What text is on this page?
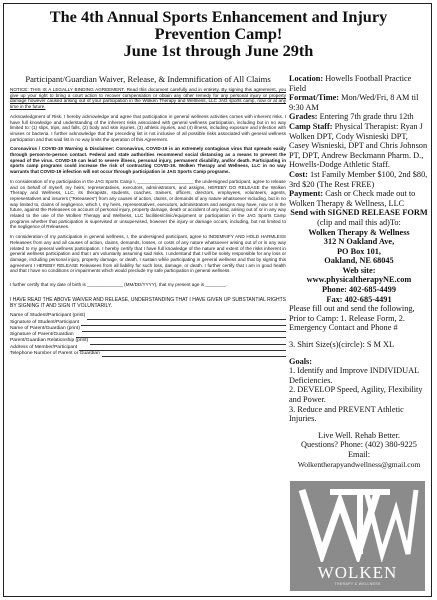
The 4th Annual Sports Enhancement and Injury
Prevention Camp!
June 1st through June 29th
Participant/Guardian Waiver, Release, & Indemnification of All Claims

NOTICE: THIS IS A LEGALLY BINDING AGREEMENT. Read this document carefully and in entirety. By signing this agreement, you give up your right to bring a court action to recover compensation or obtain any other remedy for any personal injury or property damage however caused arising out of your participation in the Wolken Therapy and Wellness, LLC JAG sports camp, now or at any time in the future.

Acknowledgment of Risk. I hereby acknowledge and agree that participation in general wellness activities comes with inherent risks. I have full knowledge and understanding of the inherent risks associated with general wellness participation, including but in no way limited to: (1) slips, trips, and falls, (2) body and skin injuries, (3) athletic injuries, and (4) illness, including exposure and infection with viruses or bacteria. I further acknowledge that the preceding list is not inclusive of all possible risks associated with general wellness participation and that said list in no way limits the operation of this Agreement.

Coronavirus / COVID-19 Warning & Disclaimer: Coronavirus, COVID-19 is an extremely contagious virus that spreads easily through person-to-person contact. Federal and state authorities recommend social distancing as a means to prevent the spread of the virus. COVID-19 can lead to severe illness, personal injury, permanent disability, and/or death. Participating in sports camp programs could increase the risk of contracting COVID-19. Wolken Therapy and Wellness, LLC in no way warrants that COVID-19 infection will not occur through participation in JAG Sports Camp programs.

In consideration of my participation in the JAG Sports Camp I, ______________________ the undersigned participant, agree to release and on behalf of myself, my heirs, representatives, executors, administrators, and assigns, HEREBY DO RELEASE the Wolken Therapy and Wellness, LLC, its therapists, students, coaches, trainers, officers, directors, employees, volunteers, agents, representatives and insurers ("Releasees") from any causes of action, claims, or demands of any nature whatsoever including, but in no way limited to, claims of negligence, which I, my heirs, representatives, executors, administrators and assigns may have, now or in the future, against the Releasees on account of personal injury, property damage, death or accident of any kind, arising out of or in any way related to the use of the Wolken Therapy and Wellness, LLC facilities/clinic/equipment or participation in the JAG Sports Camp programs whether that participation is supervised or unsupervised, however the injury or damage occurs, including, but not limited to the negligence of Releasees.

In consideration of my participation in general wellness, I, the undersigned participant, agree to INDEMNIFY AND HOLD HARMLESS Releasees from any and all causes of action, claims, demands, losses, or costs of any nature whatsoever arising out of or in any way related to my general wellness participation. I hereby certify that I have full knowledge of the nature and extent of the risks inherent in general wellness participation and that I am voluntarily assuming said risks. I understand that I will be solely responsible for any loss or damage, including personal injury, property damage, or death, I sustain while participating in general wellness and that by signing this agreement I HEREBY RELEASE Releasees from all liability for such loss, damage, or death. I further certify that I am in good health and that I have no conditions or impairments which would preclude my safe participation in general wellness.

I further certify that my date of birth is ______________ (MM/DD/YYYY), that my present age is ________.

I HAVE READ THE ABOVE WAIVER AND RELEASE, UNDERSTANDING THAT I HAVE GIVEN UP SUBSTANTIAL RIGHTS BY SIGNING IT AND SIGN IT VOLUNTARILY.

Name of Student/Participant (print)
Signature of Student/Participant
Name of Parent/Guardian (print)
Signature of Parent/Guardian
Parent/Guardian Relationship (print)
Address of Member/Participant
Telephone Number of Parent or Guardian

Location: Howells Football Practice Field

Format/Time: Mon/Wed/Fri, 8 AM til 9:30 AM

Grades: Entering 7th grade thru 12th

Camp Staff: Physical Therapist: Ryan J Wolken DPT, Cody Wisnieski DPT, Casey Wisnieski, DPT and Chris Johnson PT, DPT, Andrew Beckmann Pharm. D., Howells-Dodge Athletic Staff.

Cost: 1st Family Member $100, 2nd $80, 3rd $20 (The Rest FREE)

Payment: Cash or Check made out to Wolken Therapy & Wellness, LLC

Send with SIGNED RELEASE FORM
(clip and mail this ad)To:
Wolken Therapy & Wellness
312 N Oakland Ave,
PO Box 101,
Oakland, NE 68045
Web site:
www.physicaltherapyNE.com
Phone: 402-685-4499
Fax: 402-685-4491

Please fill out and send the following, Prior to Camp: 1. Release Form, 2. Emergency Contact and Phone #

3. Shirt Size(s)(circle): S M XL

Goals:

1. Identify and Improve INDIVIDUAL Deficiencies.

2. DEVELOP Speed, Agility, Flexibility and Power.

3. Reduce and PREVENT Athletic Injuries.

Live Well. Rehab Better.
Questions? Phone: (402) 380-9225
Email:
Wolkentherapyandwellness@gmail.com
WOLKEN
THERAPY & WELLNESS
